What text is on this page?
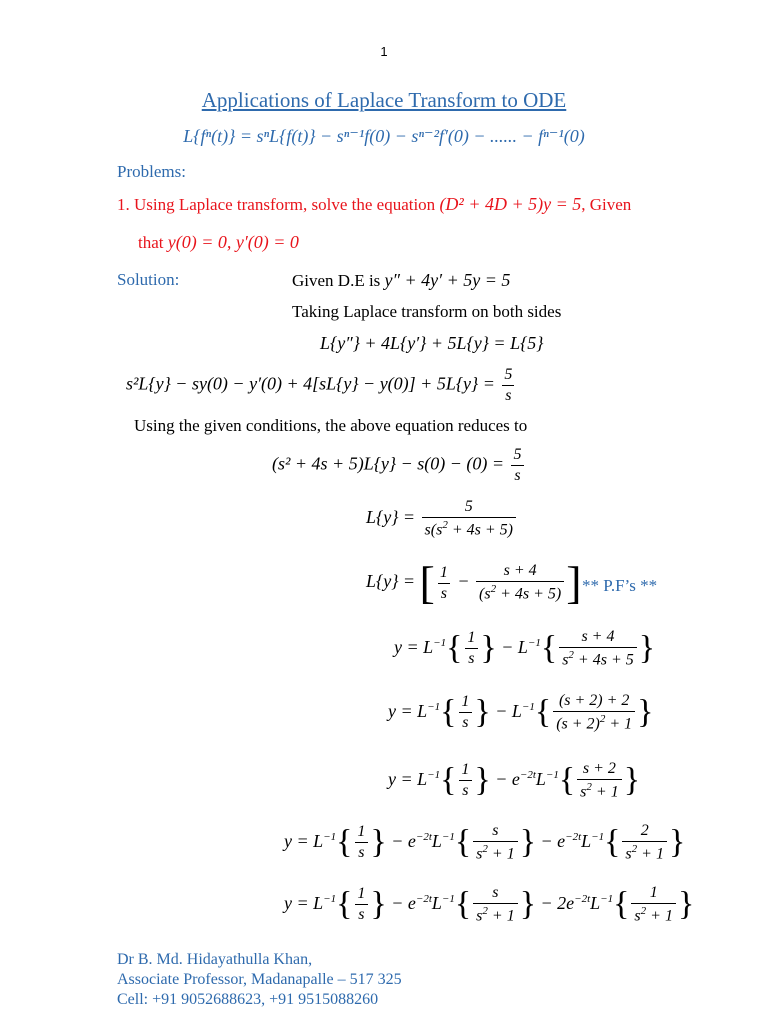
1
Applications of Laplace Transform to ODE
L{fⁿ(t)} = sⁿL{f(t)} − sⁿ⁻¹f(0) − sⁿ⁻²f′(0) − ...... − fⁿ⁻¹(0)
Problems:
1. Using Laplace transform, solve the equation (D² + 4D + 5)y = 5, Given
that y(0) = 0, y′(0) = 0
Solution:	Given D.E is y″ + 4y′ + 5y = 5
Taking Laplace transform on both sides
L{y″} + 4L{y′} + 5L{y} = L{5}
$s^2L\{y\} - sy(0) - y'(0) + 4[sL\{y\} - y(0)] + 5L\{y\} = \frac{5}{s}$
Using the given conditions, the above equation reduces to
$(s^2 + 4s + 5)L\{y\} - s(0) - (0) = \frac{5}{s}$
$L\{y\} = \frac{5}{s(s^2 + 4s + 5)}$
L{y} = [ $\frac{1}{s} - \frac{s + 4}{(s^2 + 4s + 5)}$ ] ** P.F’s **
$y = L^{-1}\{ \frac{1}{s}$ } − $L^{-1}\{ \frac{s + 4}{s^2 + 4s + 5}$ }
$y = L^{-1}\{ \frac{1}{s}$ } − $L^{-1}\{ \frac{(s + 2) + 2}{(s + 2)^2 + 1}$ }
$y = L^{-1}\{ \frac{1}{s}$ } − $e^{-2t}L^{-1}\{ \frac{s + 2}{s^2 + 1}$ }
$y = L^{-1}\{ \frac{1}{s}$ } − $e^{-2t}L^{-1}\{ \frac{s}{s^2 + 1}$ } − $e^{-2t}L^{-1}\{ \frac{2}{s^2 + 1}$ }
$y = L^{-1}\{ \frac{1}{s}$ } − $e^{-2t}L^{-1}\{ \frac{s}{s^2 + 1}$ } − $2e^{-2t}L^{-1}\{ \frac{1}{s^2 + 1}$ }
Dr B. Md. Hidayathulla Khan,
Associate Professor, Madanapalle – 517 325
Cell: +91 9052688623, +91 9515088260
